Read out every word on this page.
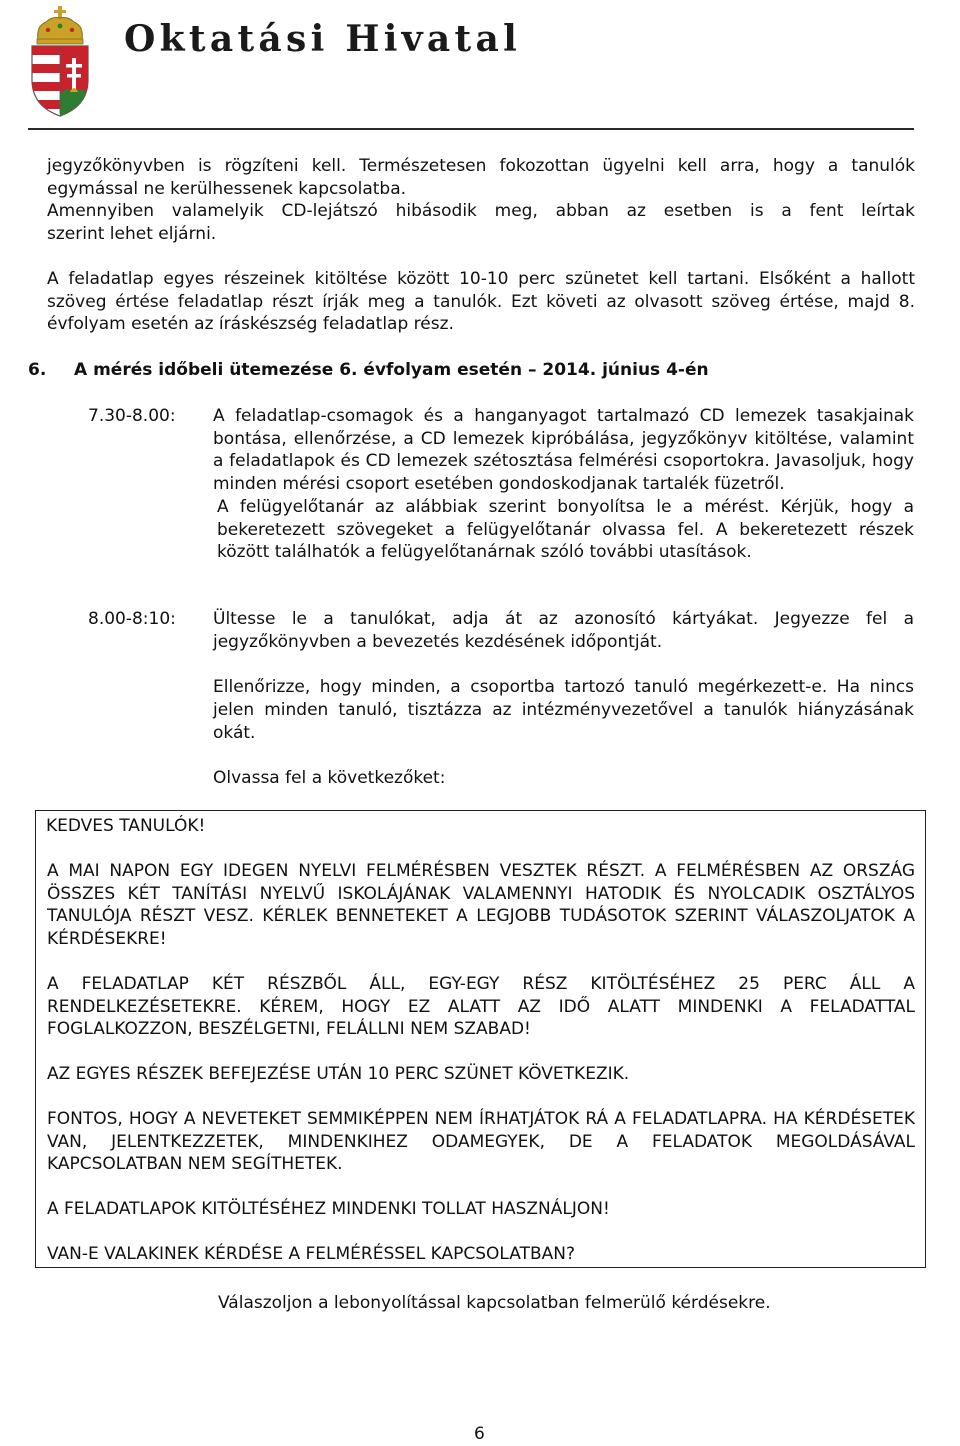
Oktatási Hivatal
jegyzőkönyvben is rögzíteni kell. Természetesen fokozottan ügyelni kell arra, hogy a tanulók
egymással ne kerülhessenek kapcsolatba.
Amennyiben valamelyik CD-lejátszó hibásodik meg, abban az esetben is a fent leírtak
szerint lehet eljárni.

A feladatlap egyes részeinek kitöltése között 10-10 perc szünetet kell tartani. Elsőként a hallott szöveg értése feladatlap részt írják meg a tanulók. Ezt követi az olvasott szöveg értése, majd 8. évfolyam esetén az íráskészség feladatlap rész.

6. A mérés időbeli ütemezése 6. évfolyam esetén – 2014. június 4-én
7.30-8.00:	A feladatlap-csomagok és a hanganyagot tartalmazó CD lemezek tasakjainak bontása, ellenőrzése, a CD lemezek kipróbálása, jegyzőkönyv kitöltése, valamint a feladatlapok és CD lemezek szétosztása felmérési csoportokra. Javasoljuk, hogy minden mérési csoport esetében gondoskodjanak tartalék füzetről.

A felügyelőtanár az alábbiak szerint bonyolítsa le a mérést. Kérjük, hogy a bekeretezett szövegeket a felügyelőtanár olvassa fel. A bekeretezett részek között találhatók a felügyelőtanárnak szóló további utasítások.

8.00-8:10:	Ültesse le a tanulókat, adja át az azonosító kártyákat. Jegyezze fel a jegyzőkönyvben a bevezetés kezdésének időpontját.

Ellenőrizze, hogy minden, a csoportba tartozó tanuló megérkezett-e. Ha nincs jelen minden tanuló, tisztázza az intézményvezetővel a tanulók hiányzásának okát.

Olvassa fel a következőket:

KEDVES TANULÓK!

A MAI NAPON EGY IDEGEN NYELVI FELMÉRÉSBEN VESZTEK RÉSZT. A FELMÉRÉSBEN AZ ORSZÁG ÖSSZES KÉT TANÍTÁSI NYELVŰ ISKOLÁJÁNAK VALAMENNYI HATODIK ÉS NYOLCADIK OSZTÁLYOS TANULÓJA RÉSZT VESZ. KÉRLEK BENNETEKET A LEGJOBB TUDÁSOTOK SZERINT VÁLASZOLJATOK A KÉRDÉSEKRE!

A FELADATLAP KÉT RÉSZBŐL ÁLL, EGY-EGY RÉSZ KITÖLTÉSÉHEZ 25 PERC ÁLL A RENDELKEZÉSETEKRE. KÉREM, HOGY EZ ALATT AZ IDŐ ALATT MINDENKI A FELADATTAL FOGLALKOZZON, BESZÉLGETNI, FELÁLLNI NEM SZABAD!

AZ EGYES RÉSZEK BEFEJEZÉSE UTÁN 10 PERC SZÜNET KÖVETKEZIK.

FONTOS, HOGY A NEVETEKET SEMMIKÉPPEN NEM ÍRHATJÁTOK RÁ A FELADATLAPRA. HA KÉRDÉSETEK VAN, JELENTKEZZETEK, MINDENKIHEZ ODAMEGYEK, DE A FELADATOK MEGOLDÁSÁVAL KAPCSOLATBAN NEM SEGÍTHETEK.

A FELADATLAPOK KITÖLTÉSÉHEZ MINDENKI TOLLAT HASZNÁLJON!

VAN-E VALAKINEK KÉRDÉSE A FELMÉRÉSSEL KAPCSOLATBAN?

Válaszoljon a lebonyolítással kapcsolatban felmerülő kérdésekre.
6
